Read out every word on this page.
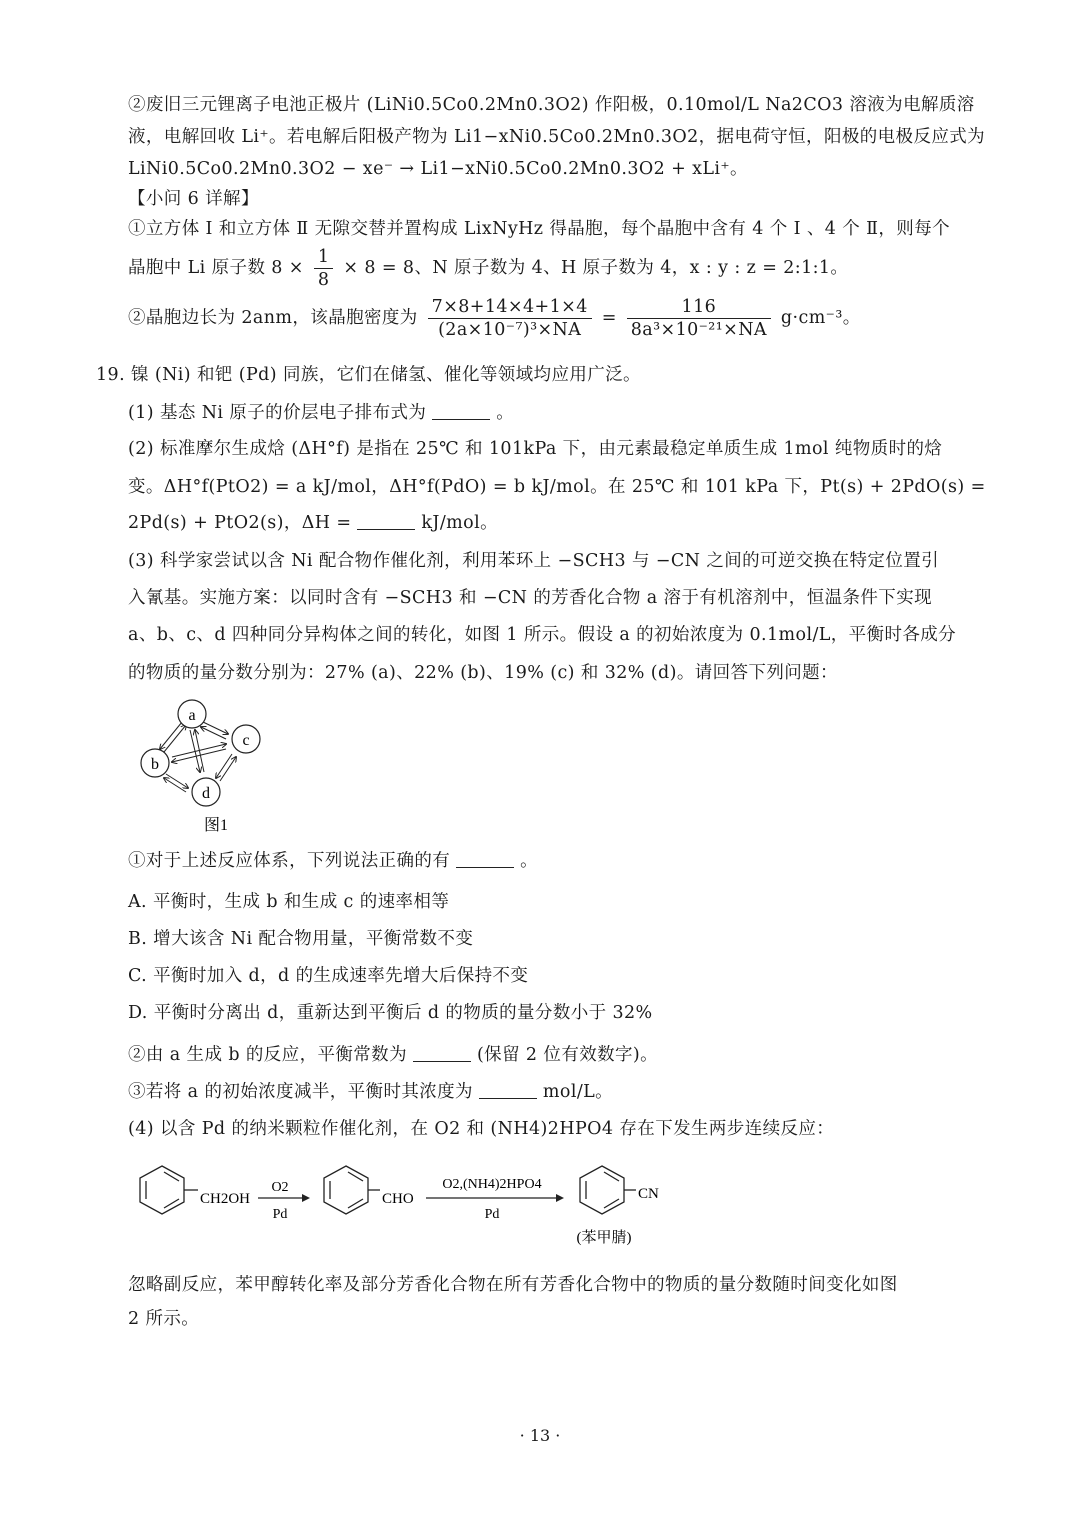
②废旧三元锂离子电池正极片 (LiNi0.5Co0.2Mn0.3O2) 作阳极，0.10mol/L Na2CO3 溶液为电解质溶
液，电解回收 Li⁺。若电解后阳极产物为 Li1−xNi0.5Co0.2Mn0.3O2，据电荷守恒，阳极的电极反应式为
LiNi0.5Co0.2Mn0.3O2 − xe⁻ → Li1−xNi0.5Co0.2Mn0.3O2 + xLi⁺。
【小问 6 详解】
①立方体 Ⅰ 和立方体 Ⅱ 无隙交替并置构成 LixNyHz 得晶胞，每个晶胞中含有 4 个 Ⅰ 、4 个 Ⅱ，则每个
晶胞中 Li 原子数 $8 \times \frac{1}{8} \times 8 = 8$、N 原子数为 4、H 原子数为 4，x : y : z = 2:1:1。
②晶胞边长为 2anm，该晶胞密度为 $\frac{7\times 8+14\times 4+1\times 4}{\text{(2a×10⁻⁷)³×NA}} = \frac{116}{\text{8a³×10⁻²¹×NA}} g\cdot cm^{-3}$。
19. 镍 (Ni) 和钯 (Pd) 同族，它们在储氢、催化等领域均应用广泛。
(1) 基态 Ni 原子的价层电子排布式为	。
(2) 标准摩尔生成焓 (ΔH°f) 是指在 25℃ 和 101kPa 下，由元素最稳定单质生成 1mol 纯物质时的焓
变。ΔH°f(PtO2) = a kJ/mol，ΔH°f(PdO) = b kJ/mol。在 25℃ 和 101 kPa 下，Pt(s) + 2PdO(s) =
2Pd(s) + PtO2(s)，ΔH =	kJ/mol。
(3) 科学家尝试以含 Ni 配合物作催化剂，利用苯环上 −SCH3 与 −CN 之间的可逆交换在特定位置引
入氰基。实施方案：以同时含有 −SCH3 和 −CN 的芳香化合物 a 溶于有机溶剂中，恒温条件下实现
a、b、c、d 四种同分异构体之间的转化，如图 1 所示。假设 a 的初始浓度为 0.1mol/L，平衡时各成分
的物质的量分数分别为：27% (a)、22% (b)、19% (c) 和 32% (d)。请回答下列问题：
a
b
c
d
图1
①对于上述反应体系，下列说法正确的有	。
A. 平衡时，生成 b 和生成 c 的速率相等
B. 增大该含 Ni 配合物用量，平衡常数不变
C. 平衡时加入 d，d 的生成速率先增大后保持不变
D. 平衡时分离出 d，重新达到平衡后 d 的物质的量分数小于 32%
②由 a 生成 b 的反应，平衡常数为	(保留 2 位有效数字)。
③若将 a 的初始浓度减半，平衡时其浓度为	mol/L。
(4) 以含 Pd 的纳米颗粒作催化剂，在 O2 和 (NH4)2HPO4 存在下发生两步连续反应：
CH2OH
O2
Pd
CHO
O2,(NH4)2HPO4
Pd
CN
(苯甲腈)
忽略副反应，苯甲醇转化率及部分芳香化合物在所有芳香化合物中的物质的量分数随时间变化如图
2 所示。
· 13 ·
